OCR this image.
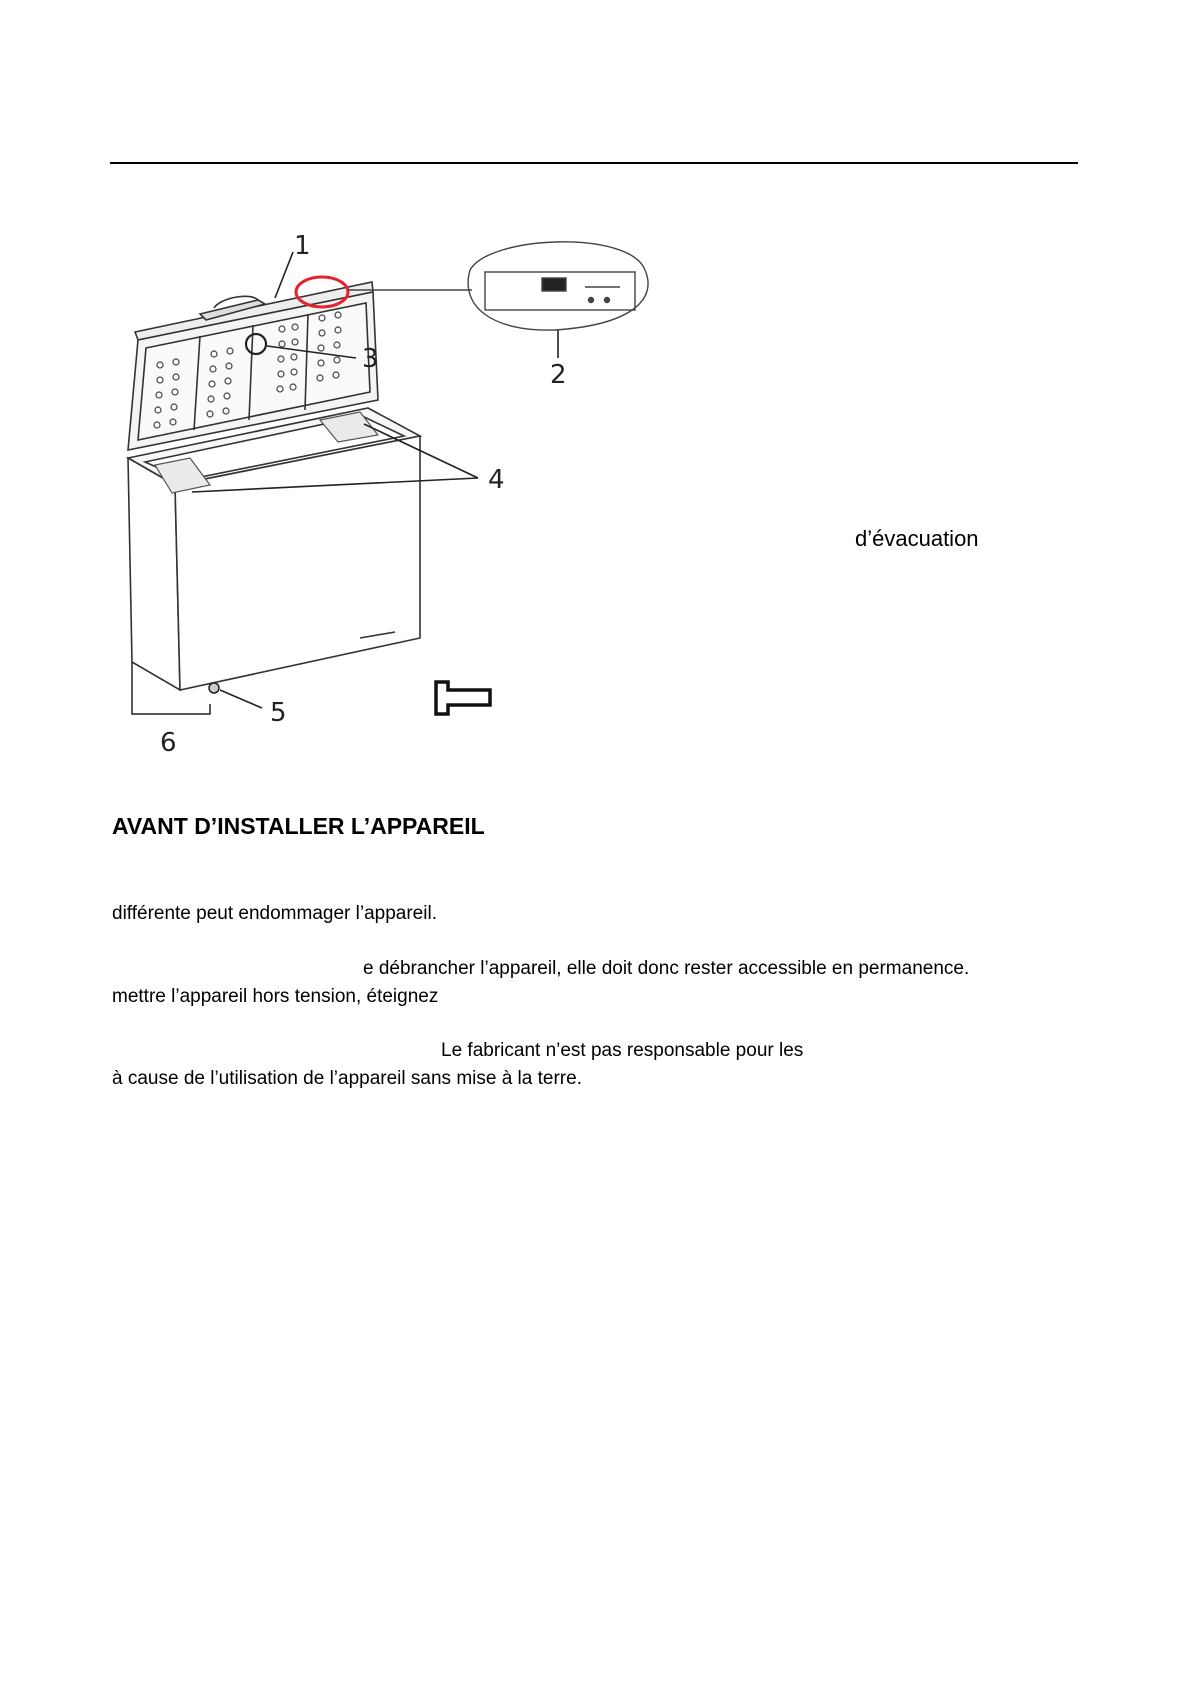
1
2
3
4
5
6
d’évacuation
AVANT D’INSTALLER L’APPAREIL
différente peut endommager l’appareil.
e débrancher l’appareil, elle doit donc rester accessible en permanence.
mettre l’appareil hors tension, éteignez
Le fabricant n’est pas responsable pour les
à cause de l’utilisation de l’appareil sans mise à la terre.
